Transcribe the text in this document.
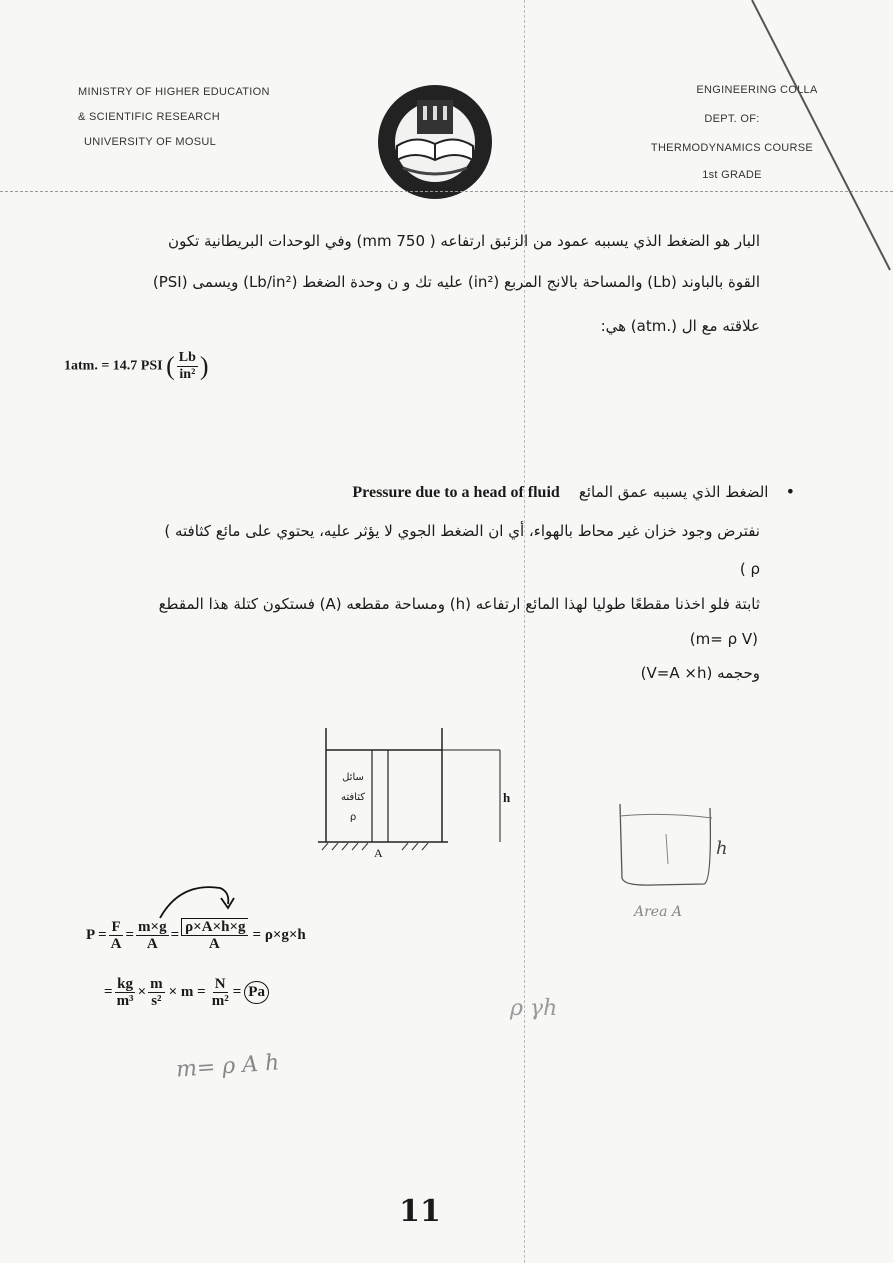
MINISTRY OF HIGHER EDUCATION
& SCIENTIFIC RESEARCH
UNIVERSITY OF MOSUL
ENGINEERING COLLA
DEPT. OF:
THERMODYNAMICS COURSE
1st GRADE
البار هو الضغط الذي يسببه عمود من الزئبق ارتفاعه ( 750 mm) وفي الوحدات البريطانية تكون
القوة بالباوند (Lb) والمساحة بالانج المربع (in²) عليه تك و ن وحدة الضغط (Lb/in²) ويسمى (PSI)
علاقته مع ال (.atm) هي:
1atm. = 14.7 PSI ( $\frac{Lb}{\text{in²}}$ )
Pressure due to a head of fluid الضغط الذي يسببه عمق المائع •
نفترض وجود خزان غير محاط بالهواء، أي ان الضغط الجوي لا يؤثر عليه، يحتوي على مائع كثافته )
ρ )
ثابتة فلو اخذنا مقطعًا طوليا لهذا المائع ارتفاعه (h) ومساحة مقطعه (A) فستكون كتلة هذا المقطع
(m= ρ V)
وحجمه (V=A ×h)
سائل
كثافته
ρ
h
A	h
Area A
$P = \frac{F}{A} = \frac{m\times g}{A} = \frac{\rho\times A\times h\times g}{A} = \rho\times g\times h$
= $\frac{kg}{\text{m³}} \times \frac{m}{\text{s²}} \times m = \frac{N}{\text{m²}} = Pa$
ρ γh
m= ρ A h
11
